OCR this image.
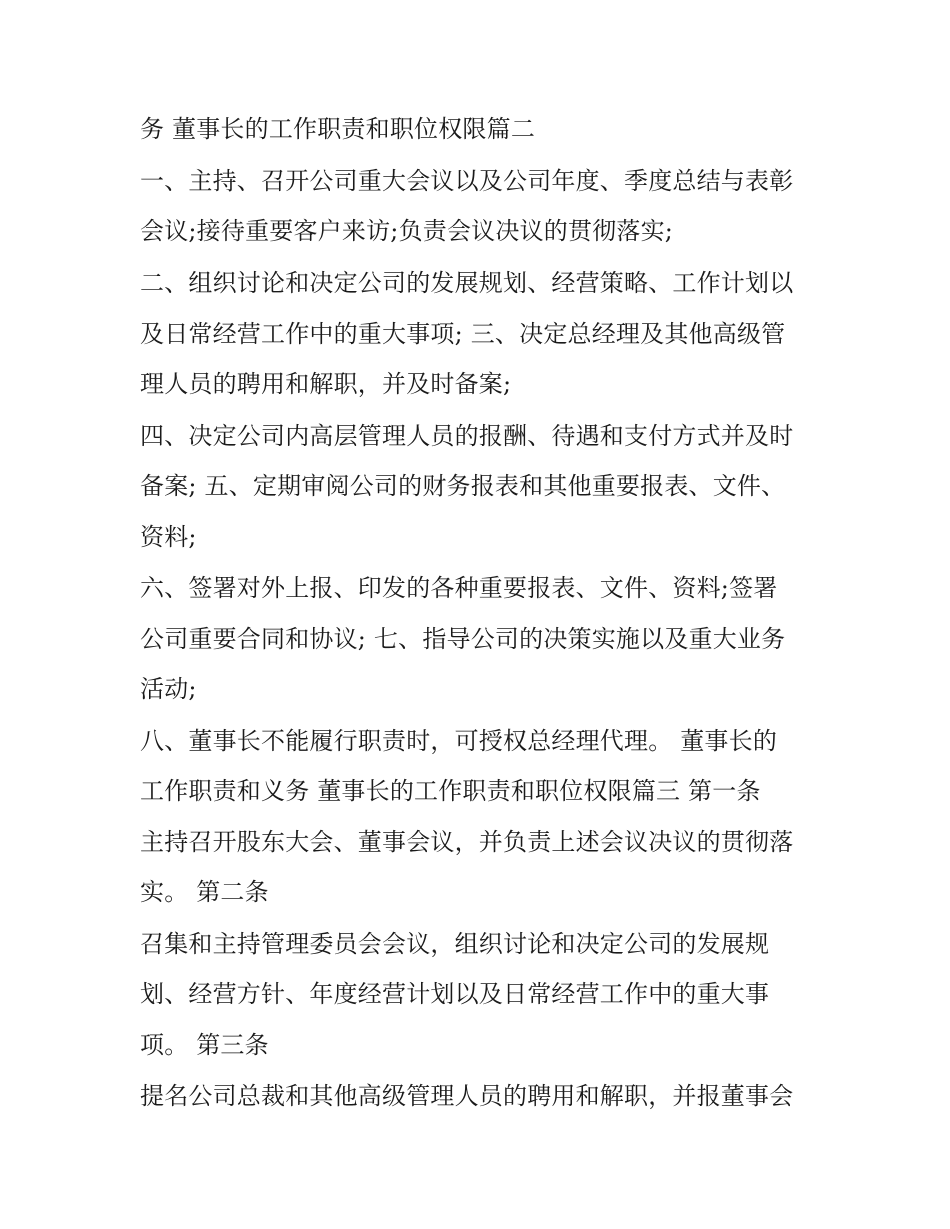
务 董事长的工作职责和职位权限篇二
一、主持、召开公司重大会议以及公司年度、季度总结与表彰
会议;接待重要客户来访;负责会议决议的贯彻落实;
二、组织讨论和决定公司的发展规划、经营策略、工作计划以
及日常经营工作中的重大事项; 三、决定总经理及其他高级管
理人员的聘用和解职，并及时备案;
四、决定公司内高层管理人员的报酬、待遇和支付方式并及时
备案; 五、定期审阅公司的财务报表和其他重要报表、文件、
资料;
六、签署对外上报、印发的各种重要报表、文件、资料;签署
公司重要合同和协议; 七、指导公司的决策实施以及重大业务
活动;
八、董事长不能履行职责时，可授权总经理代理。 董事长的
工作职责和义务 董事长的工作职责和职位权限篇三 第一条
主持召开股东大会、董事会议，并负责上述会议决议的贯彻落
实。 第二条
召集和主持管理委员会会议，组织讨论和决定公司的发展规
划、经营方针、年度经营计划以及日常经营工作中的重大事
项。 第三条
提名公司总裁和其他高级管理人员的聘用和解职，并报董事会
